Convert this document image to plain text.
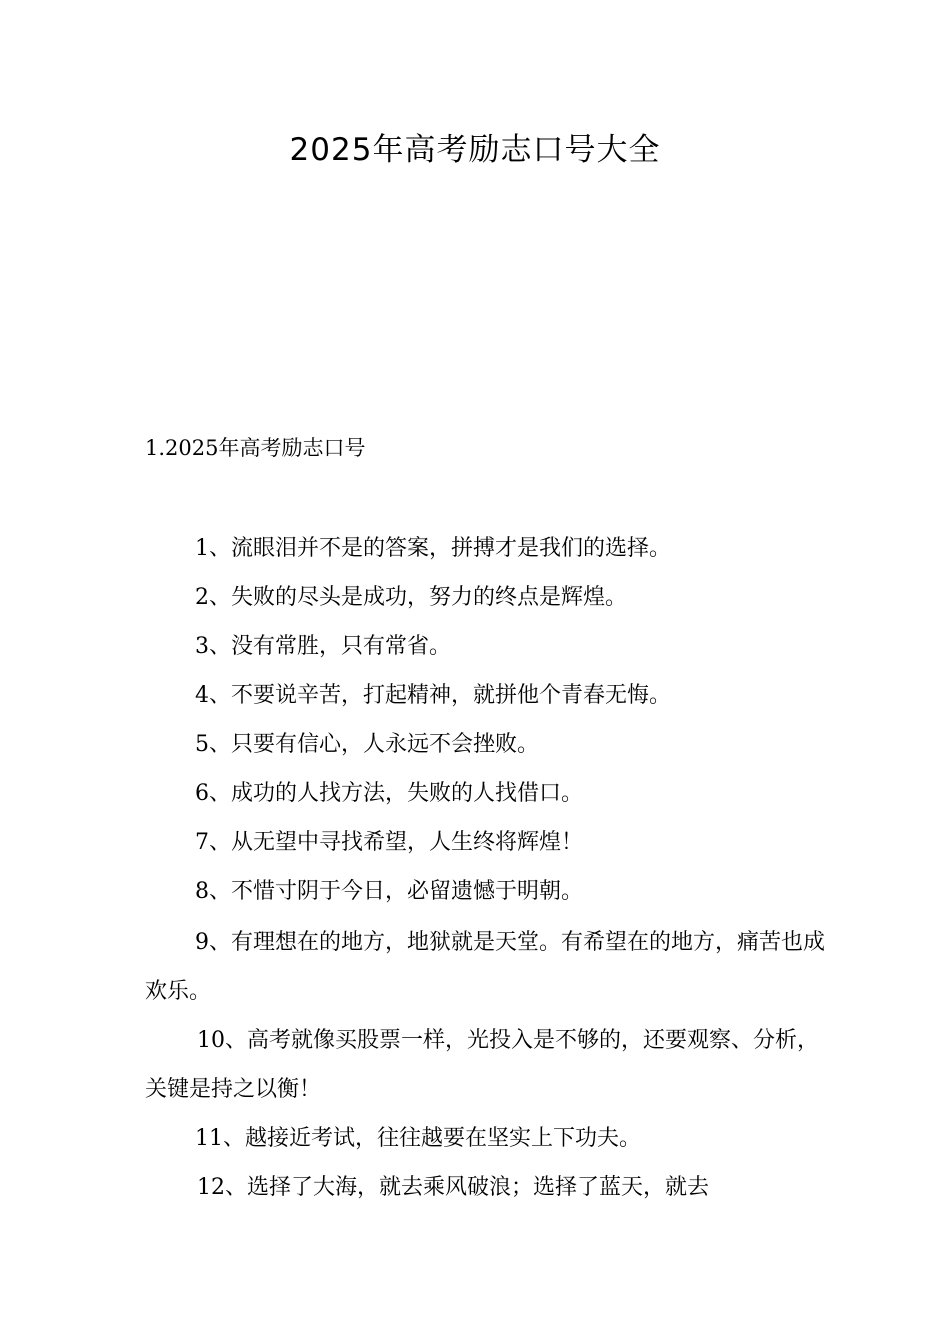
2025年高考励志口号大全
1.2025年高考励志口号

1、流眼泪并不是的答案，拼搏才是我们的选择。

2、失败的尽头是成功，努力的终点是辉煌。

3、没有常胜，只有常省。

4、不要说辛苦，打起精神，就拼他个青春无悔。

5、只要有信心，人永远不会挫败。

6、成功的人找方法，失败的人找借口。

7、从无望中寻找希望，人生终将辉煌！

8、不惜寸阴于今日，必留遗憾于明朝。

9、有理想在的地方，地狱就是天堂。有希望在的地方，痛苦也成欢乐。

10、高考就像买股票一样，光投入是不够的，还要观察、分析，关键是持之以衡！

11、越接近考试，往往越要在坚实上下功夫。

12、选择了大海，就去乘风破浪；选择了蓝天，就去
